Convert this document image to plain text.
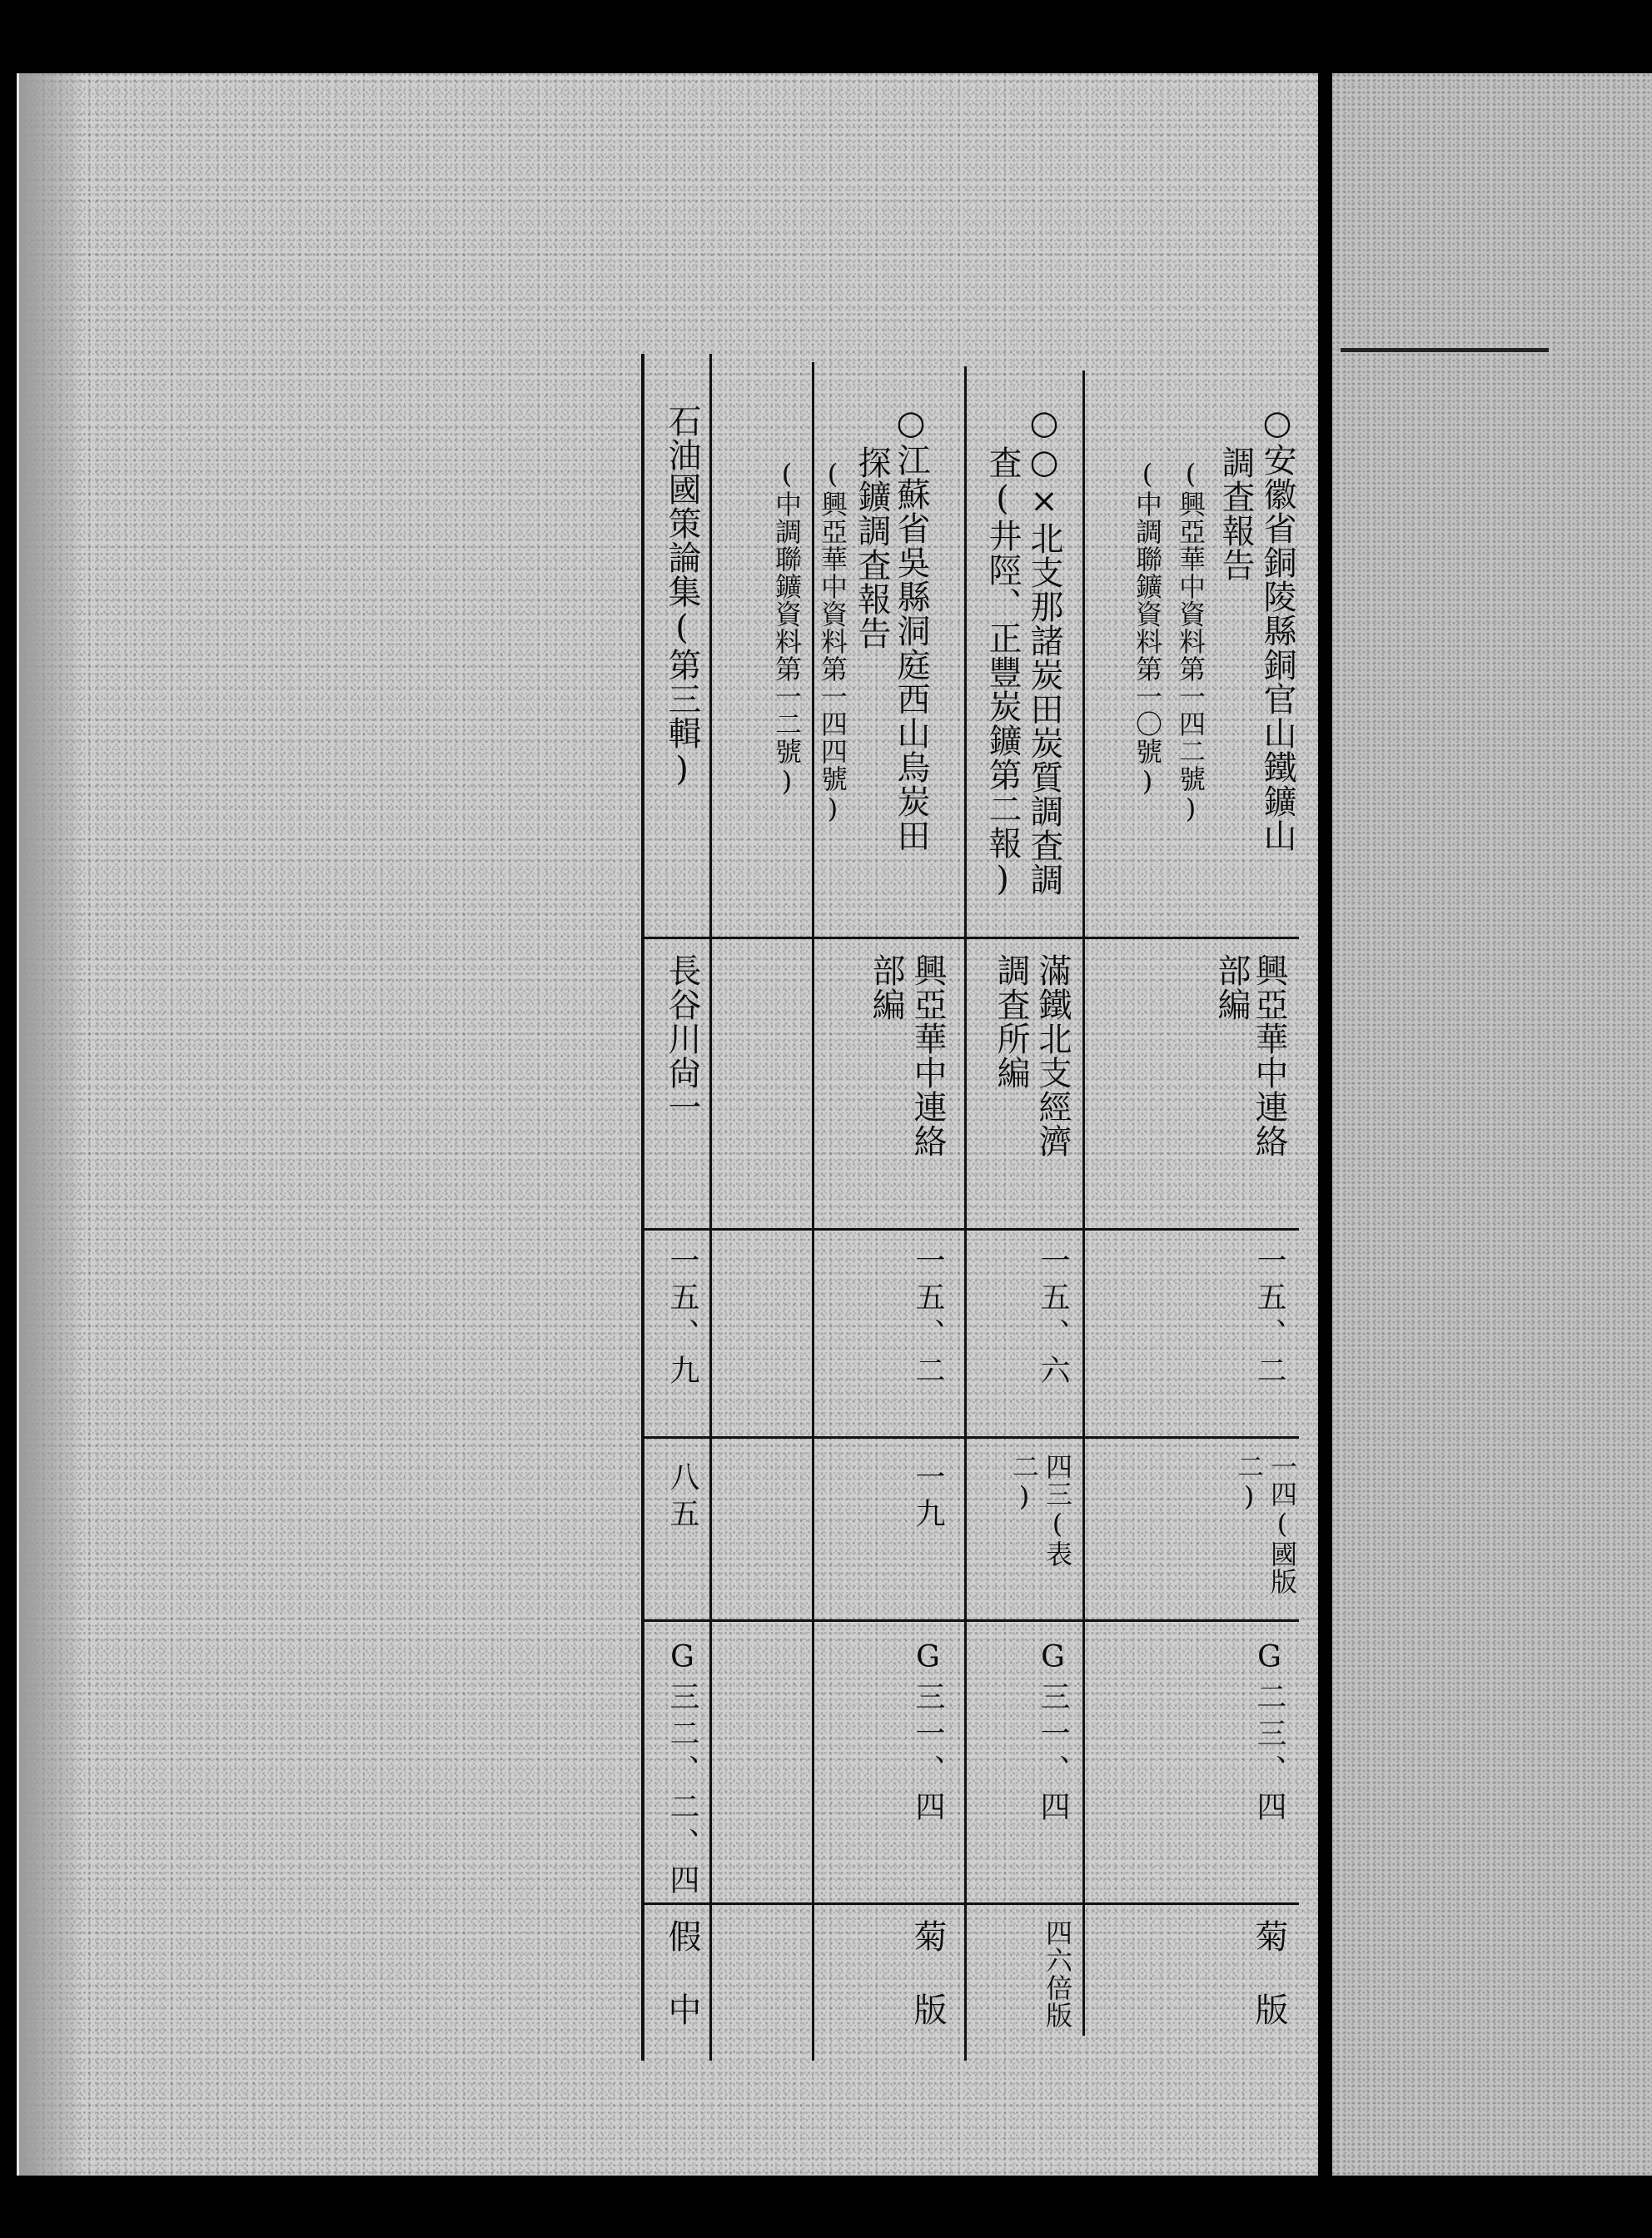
○安徽省銅陵縣銅官山鐵鑛山
調査報告
(興亞華中資料第一四二號)
(中調聯鑛資料第一〇號)
興亞華中連絡
部編
一五、二
一四(國版二)
G二三、四
菊 版
○○×北支那諸炭田炭質調査調
査(井陘、正豐炭鑛第二報)
滿鐵北支經濟
調査所編
一五、六
四三(表二)
G三一、四
四六倍版
○江蘇省吳縣洞庭西山烏炭田
探鑛調査報告
(興亞華中資料第一四四號)
(中調聯鑛資料第一二號)
興亞華中連絡
部編
一五、二
一九
G三一、四
菊 版
石油國策論集(第三輯)
長谷川尙一
一五、九
八五
G三二、二、四
假 中
